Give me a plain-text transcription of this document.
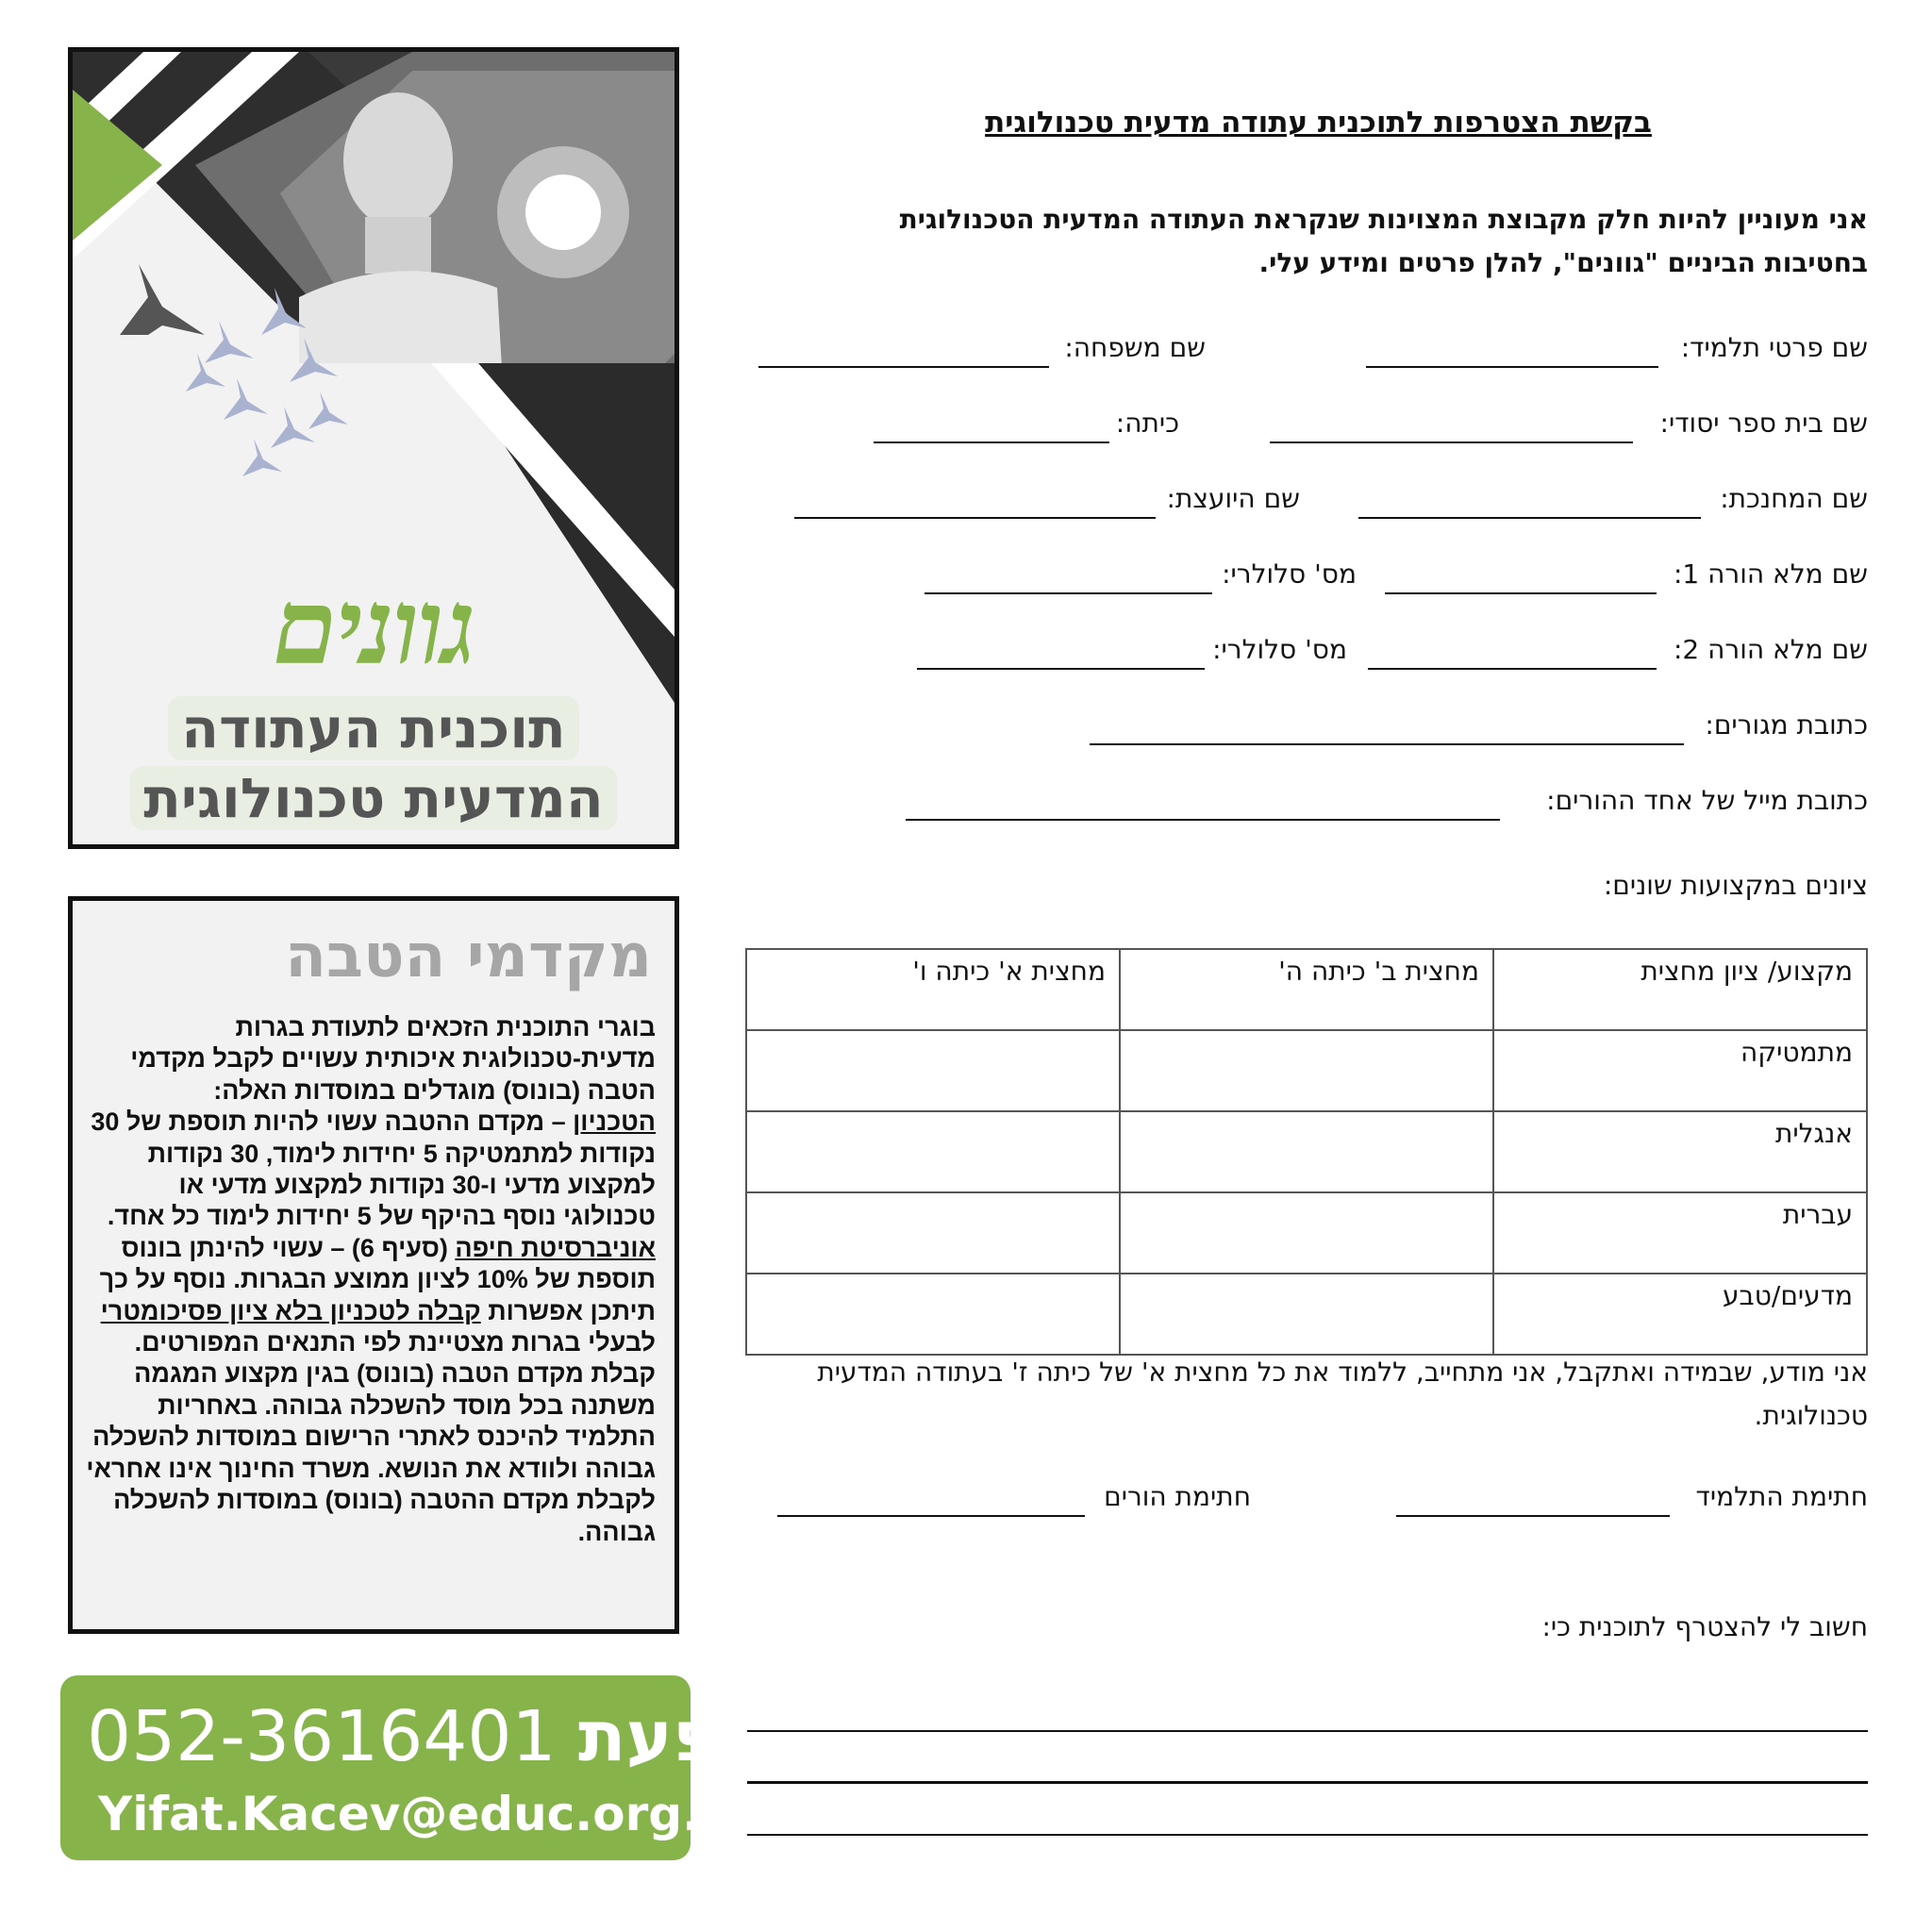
גוונים
תוכנית העתודה
המדעית טכנולוגית
מקדמי הטבה
בוגרי התוכנית הזכאים לתעודת בגרות מדעית-טכנולוגית איכותית עשויים לקבל מקדמי הטבה (בונוס) מוגדלים במוסדות האלה:
הטכניון – מקדם ההטבה עשוי להיות תוספת של 30 נקודות למתמטיקה 5 יחידות לימוד, 30 נקודות למקצוע מדעי ו-30 נקודות למקצוע מדעי או טכנולוגי נוסף בהיקף של 5 יחידות לימוד כל אחד.
אוניברסיטת חיפה (סעיף 6) – עשוי להינתן בונוס תוספת של 10% לציון ממוצע הבגרות. נוסף על כך תיתכן אפשרות קבלה לטכניון בלא ציון פסיכומטרי לבעלי בגרות מצטיינת לפי התנאים המפורטים.
קבלת מקדם הטבה (בונוס) בגין מקצוע המגמה משתנה בכל מוסד להשכלה גבוהה. באחריות התלמיד להיכנס לאתרי הרישום במוסדות להשכלה גבוהה ולוודא את הנושא. משרד החינוך אינו אחראי לקבלת מקדם ההטבה (בונוס) במוסדות להשכלה גבוהה.
052-3616401 יפעת
Yifat.Kacev@educ.org.il
בקשת הצטרפות לתוכנית עתודה מדעית טכנולוגית
אני מעוניין להיות חלק מקבוצת המצוינות שנקראת העתודה המדעית הטכנולוגית בחטיבות הביניים "גוונים", להלן פרטים ומידע עלי.
שם פרטי תלמיד:
שם משפחה:
שם בית ספר יסודי:
כיתה:
שם המחנכת:
שם היועצת:
שם מלא הורה 1:
מס' סלולרי:
שם מלא הורה 2:
מס' סלולרי:
כתובת מגורים:
כתובת מייל של אחד ההורים:
ציונים במקצועות שונים:
מקצוע/ ציון מחצית	מחצית ב' כיתה ה'	מחצית א' כיתה ו'
מתמטיקה		
אנגלית		
עברית		
מדעים/טבע		
אני מודע, שבמידה ואתקבל, אני מתחייב, ללמוד את כל מחצית א' של כיתה ז' בעתודה המדעית טכנולוגית.
חתימת התלמיד
חתימת הורים
חשוב לי להצטרף לתוכנית כי:
